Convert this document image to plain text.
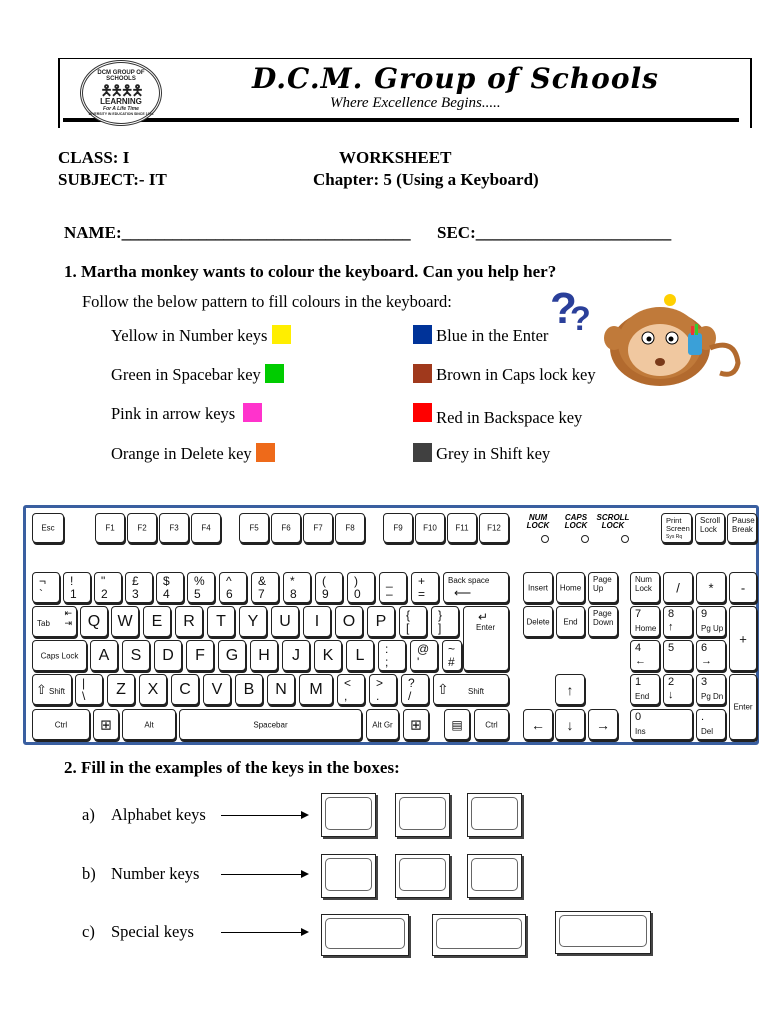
DCM GROUP OF SCHOOLS
🯅🯅🯅🯅
LEARNING
For A Life Time
DIVERSITY IN EDUCATION SINCE 1994
D.C.M. Group of Schools
Where Excellence Begins.....
CLASS: I	WORKSHEET
SUBJECT:- IT	Chapter: 5 (Using a Keyboard)
NAME:__________________________________ SEC:_______________________
1. Martha monkey wants to colour the keyboard. Can you help her?
Follow the below pattern to fill colours in the keyboard:
Yellow in Number keys
Green in Spacebar key
Pink in arrow keys
Orange in Delete key
Blue in the Enter
Brown in Caps lock key
Red in Backspace key
Grey in Shift key
?
?
Esc	F1	F2	F3	F4	F5	F6	F7	F8	F9	F10	F11	F12
NUM
LOCK
CAPS
LOCK
SCROLL
LOCK
Print
Screen
Sys Rq
Scroll
Lock
Pause
Break
¬
`
!
1
"
2
£
3
$
4
%
5
^
6
&
7
*
8
(
9
)
0
_
–
+
=
Back space
⟵
Tab
⇤
⇥ Q	W	E	R	T	Y	U	I	O	P	{
[
}
]
↵
Enter
Caps Lock	A	S	D	F	G	H	J	K	L	:
;
@
'
~
#
⇧ Shift
|
\	Z	X	C	V	B	N	M	<
,
>
.
?
/ ⇧ Shift
Ctrl	⊞	Alt	Spacebar	Alt Gr	⊞	▤	Ctrl
Insert	Home
Page
Up
Delete	End
Page
Down
↑
←	↓	→
Num
Lock	/	*	-
7
Home
8
↑
9
Pg Up
+
4
←
5 6
→
1
End
2
↓
3
Pg Dn
Enter
0
Ins
.
Del
2. Fill in the examples of the keys in the boxes:
a) Alphabet keys
b) Number keys
c) Special keys
